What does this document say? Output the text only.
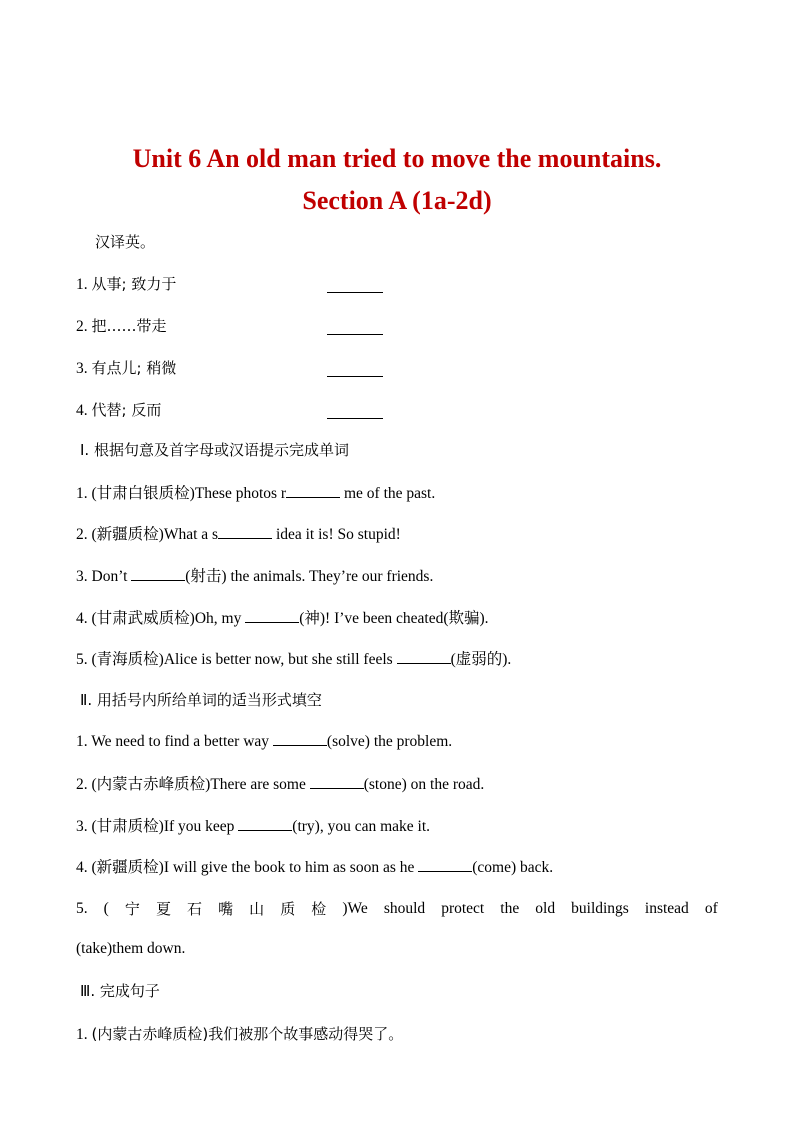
Unit 6 An old man tried to move the mountains.
Section A (1a-2d)
汉译英。
1. 从事; 致力于
2. 把……带走
3. 有点儿; 稍微
4. 代替; 反而
Ⅰ. 根据句意及首字母或汉语提示完成单词
1. (甘肃白银质检)These photos r	me of the past.
2. (新疆质检)What a s	idea it is! So stupid!
3. Don’t	(射击) the animals. They’re our friends.
4. (甘肃武威质检)Oh, my	(神)! I’ve been cheated(欺骗).
5. (青海质检)Alice is better now, but she still feels	(虚弱的).
Ⅱ. 用括号内所给单词的适当形式填空
1. We need to find a better way	(solve) the problem.
2. (内蒙古赤峰质检)There are some	(stone) on the road.
3. (甘肃质检)If you keep	(try), you can make it.
4. (新疆质检)I will give the book to him as soon as he	(come) back.
5. ( 宁 夏 石 嘴 山 质 检 )We should protect the old buildings instead of
(take)them down.
Ⅲ. 完成句子
1. (内蒙古赤峰质检)我们被那个故事感动得哭了。
